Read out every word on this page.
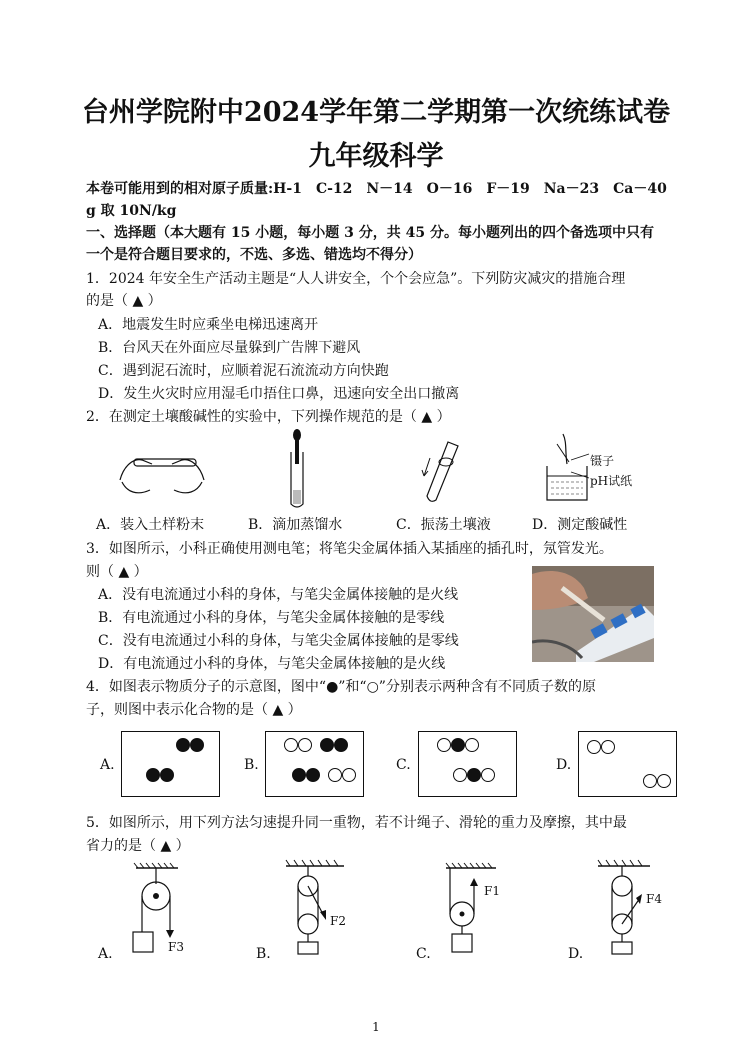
台州学院附中2024学年第二学期第一次统练试卷
九年级科学
本卷可能用到的相对原子质量:H-1　C-12　N－14　O－16　F－19　Na－23　Ca－40
g 取 10N/kg
一、选择题（本大题有 15 小题，每小题 3 分，共 45 分。每小题列出的四个备选项中只有
一个是符合题目要求的，不选、多选、错选均不得分）
1．2024 年安全生产活动主题是“人人讲安全，个个会应急”。下列防灾减灾的措施合理
的是（ ▲ ）
A．地震发生时应乘坐电梯迅速离开
B．台风天在外面应尽量躲到广告牌下避风
C．遇到泥石流时，应顺着泥石流流动方向快跑
D．发生火灾时应用湿毛巾捂住口鼻，迅速向安全出口撤离
2．在测定土壤酸碱性的实验中，下列操作规范的是（ ▲ ）
镊子
pH试纸
A．装入土样粉末	B．滴加蒸馏水	C．振荡土壤液	D．测定酸碱性
3．如图所示，小科正确使用测电笔；将笔尖金属体插入某插座的插孔时，氖管发光。
则（ ▲ ）
A．没有电流通过小科的身体，与笔尖金属体接触的是火线
B．有电流通过小科的身体，与笔尖金属体接触的是零线
C．没有电流通过小科的身体，与笔尖金属体接触的是零线
D．有电流通过小科的身体，与笔尖金属体接触的是火线
4．如图表示物质分子的示意图，图中“●”和“○”分别表示两种含有不同质子数的原
子，则图中表示化合物的是（ ▲ ）
A.	B.	C.	D.
5．如图所示，用下列方法匀速提升同一重物，若不计绳子、滑轮的重力及摩擦，其中最
省力的是（ ▲ ）
A.	F3	B.
F2
C.
F1
D.
F4
1
